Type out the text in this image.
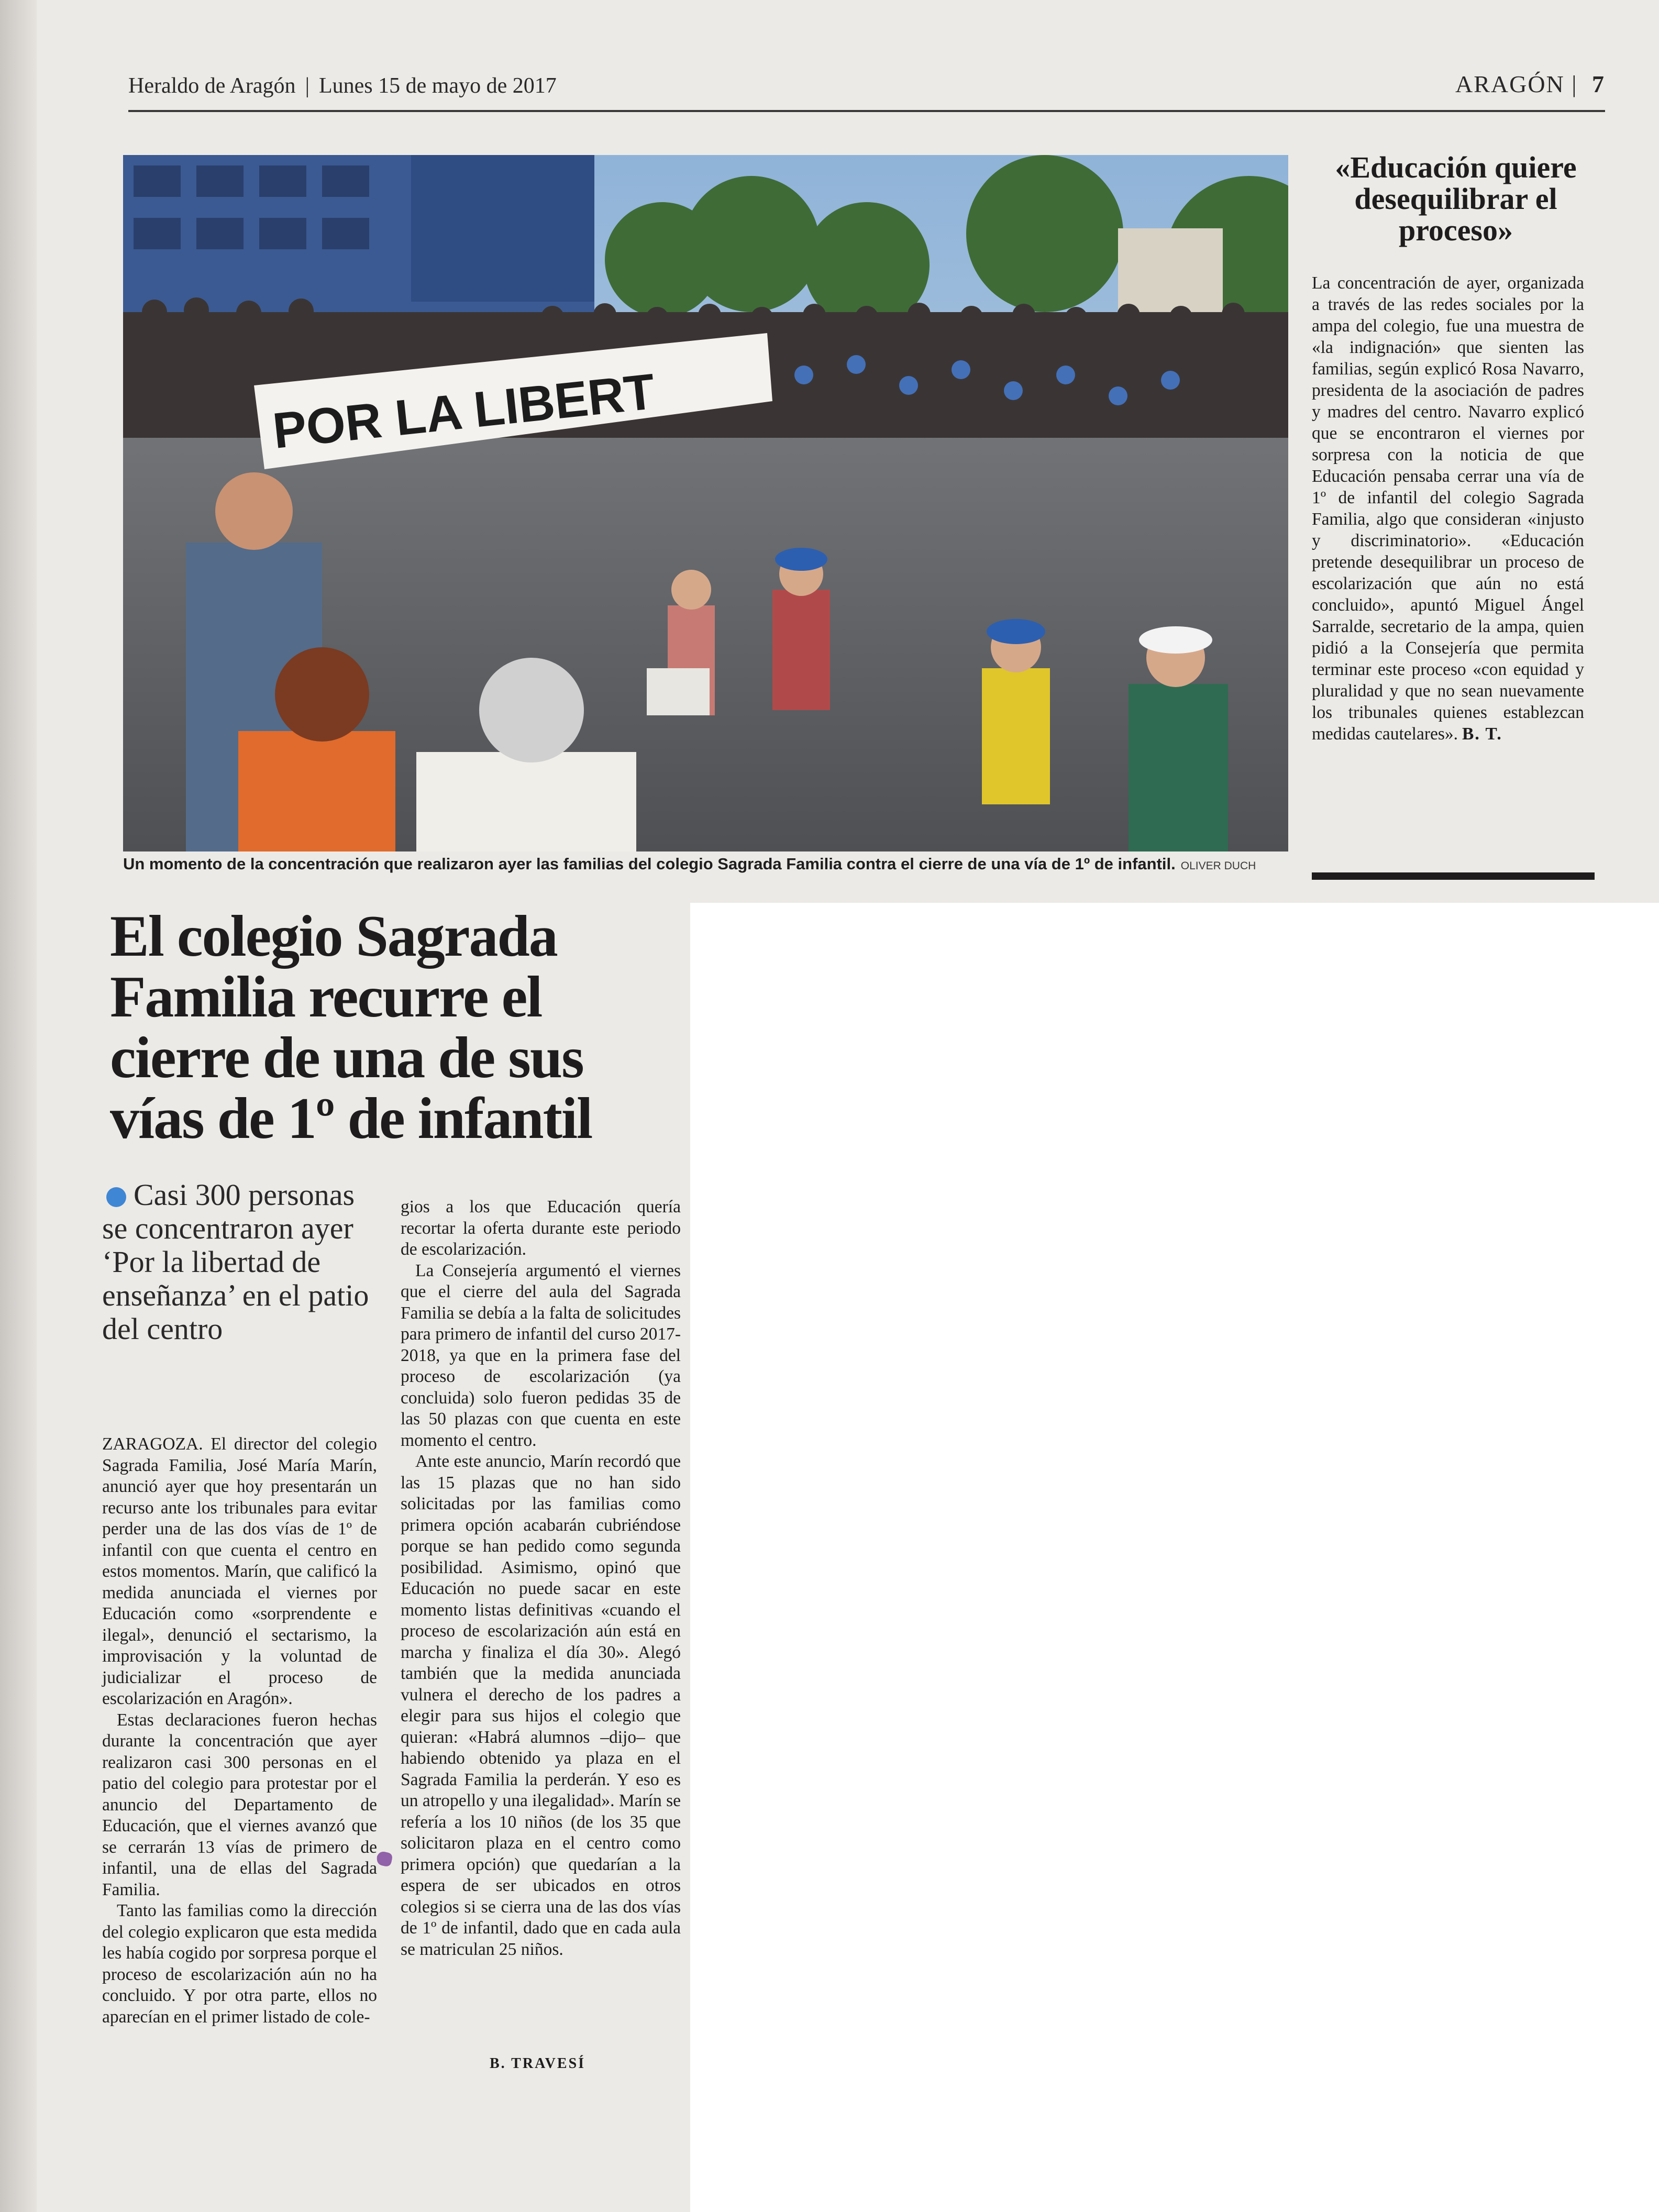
Heraldo de Aragón | Lunes 15 de mayo de 2017	ARAGÓN | 7
POR LA LIBERT
Un momento de la concentración que realizaron ayer las familias del colegio Sagrada Familia contra el cierre de una vía de 1º de infantil. OLIVER DUCH
«Educación quiere desequilibrar el proceso»
La concentración de ayer, organizada a través de las redes sociales por la ampa del colegio, fue una muestra de «la indignación» que sienten las familias, según explicó Rosa Navarro, presidenta de la asociación de padres y madres del centro. Navarro explicó que se encontraron el viernes por sorpresa con la noticia de que Educación pensaba cerrar una vía de 1º de infantil del colegio Sagrada Familia, algo que consideran «injusto y discriminatorio». «Educación pretende desequilibrar un proceso de escolarización que aún no está concluido», apuntó Miguel Ángel Sarralde, secretario de la ampa, quien pidió a la Consejería que permita terminar este proceso «con equidad y pluralidad y que no sean nuevamente los tribunales quienes establezcan medidas cautelares». B. T.
El colegio Sagrada Familia recurre el cierre de una de sus vías de 1º de infantil
Casi 300 personas se concentraron ayer ‘Por la libertad de enseñanza’ en el patio del centro

ZARAGOZA. El director del colegio Sagrada Familia, José María Marín, anunció ayer que hoy presentarán un recurso ante los tribunales para evitar perder una de las dos vías de 1º de infantil con que cuenta el centro en estos momentos. Marín, que calificó la medida anunciada el viernes por Educación como «sorprendente e ilegal», denunció el sectarismo, la improvisación y la voluntad de judicializar el proceso de escolarización en Aragón».

Estas declaraciones fueron hechas durante la concentración que ayer realizaron casi 300 personas en el patio del colegio para protestar por el anuncio del Departamento de Educación, que el viernes avanzó que se cerrarán 13 vías de primero de infantil, una de ellas del Sagrada Familia.

Tanto las familias como la dirección del colegio explicaron que esta medida les había cogido por sorpresa porque el proceso de escolarización aún no ha concluido. Y por otra parte, ellos no aparecían en el primer listado de cole-

gios a los que Educación quería recortar la oferta durante este periodo de escolarización.

La Consejería argumentó el viernes que el cierre del aula del Sagrada Familia se debía a la falta de solicitudes para primero de infantil del curso 2017-2018, ya que en la primera fase del proceso de escolarización (ya concluida) solo fueron pedidas 35 de las 50 plazas con que cuenta en este momento el centro.

Ante este anuncio, Marín recordó que las 15 plazas que no han sido solicitadas por las familias como primera opción acabarán cubriéndose porque se han pedido como segunda posibilidad. Asimismo, opinó que Educación no puede sacar en este momento listas definitivas «cuando el proceso de escolarización aún está en marcha y finaliza el día 30». Alegó también que la medida anunciada vulnera el derecho de los padres a elegir para sus hijos el colegio que quieran: «Habrá alumnos –dijo– que habiendo obtenido ya plaza en el Sagrada Familia la perderán. Y eso es un atropello y una ilegalidad». Marín se refería a los 10 niños (de los 35 que solicitaron plaza en el centro como primera opción) que quedarían a la espera de ser ubicados en otros colegios si se cierra una de las dos vías de 1º de infantil, dado que en cada aula se matriculan 25 niños.

B. TRAVESÍ
